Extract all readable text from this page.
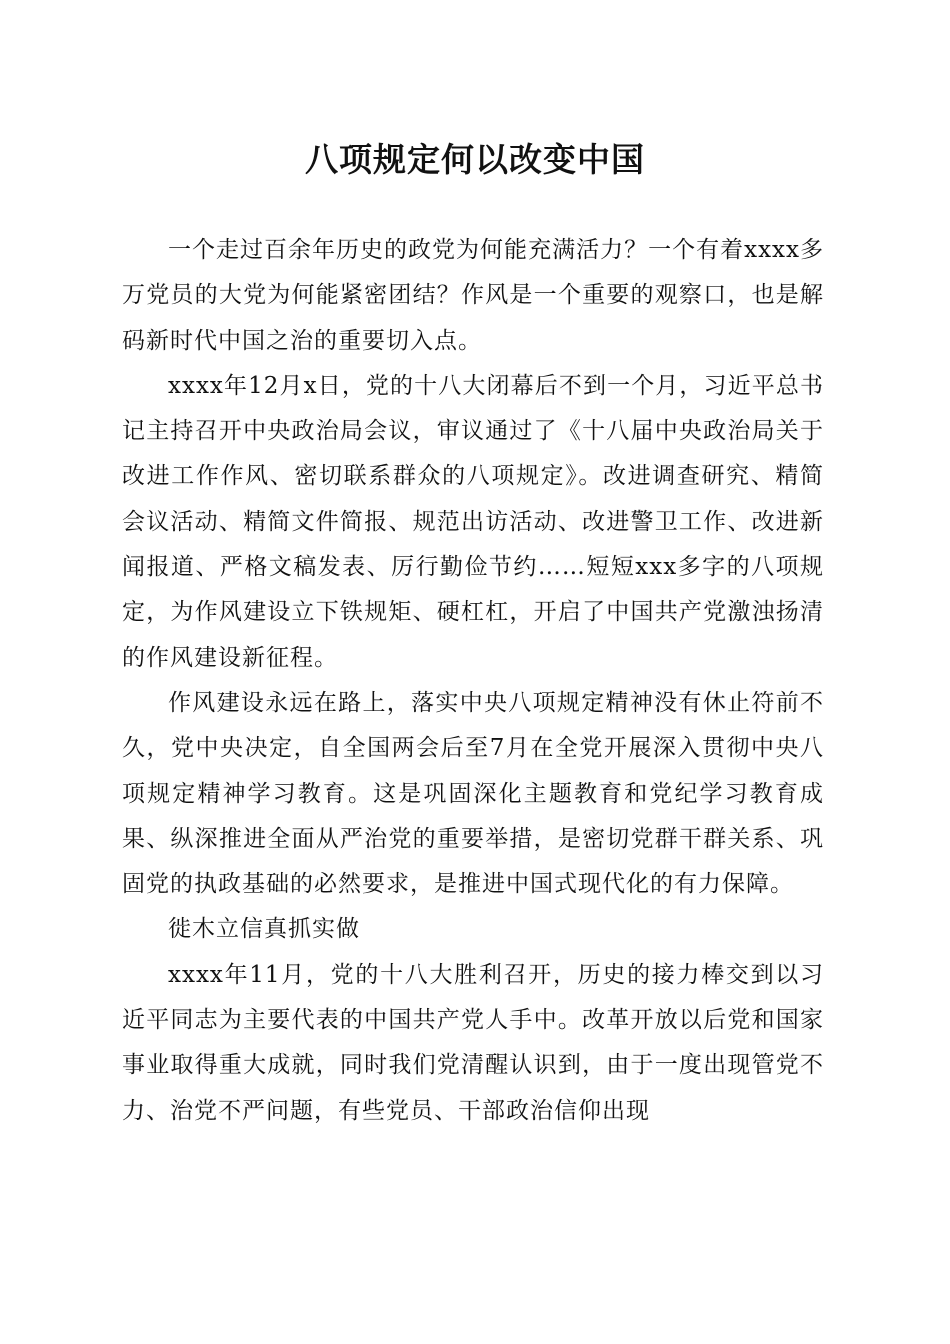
八项规定何以改变中国

一个走过百余年历史的政党为何能充满活力？一个有着xxxx多万党员的大党为何能紧密团结？作风是一个重要的观察口，也是解码新时代中国之治的重要切入点。

xxxx年12月x日，党的十八大闭幕后不到一个月，习近平总书记主持召开中央政治局会议，审议通过了《十八届中央政治局关于改进工作作风、密切联系群众的八项规定》。改进调查研究、精简会议活动、精简文件简报、规范出访活动、改进警卫工作、改进新闻报道、严格文稿发表、厉行勤俭节约……短短xxx多字的八项规定，为作风建设立下铁规矩、硬杠杠，开启了中国共产党激浊扬清的作风建设新征程。

作风建设永远在路上，落实中央八项规定精神没有休止符前不久，党中央决定，自全国两会后至7月在全党开展深入贯彻中央八项规定精神学习教育。这是巩固深化主题教育和党纪学习教育成果、纵深推进全面从严治党的重要举措，是密切党群干群关系、巩固党的执政基础的必然要求，是推进中国式现代化的有力保障。

徙木立信真抓实做

xxxx年11月，党的十八大胜利召开，历史的接力棒交到以习近平同志为主要代表的中国共产党人手中。改革开放以后党和国家事业取得重大成就，同时我们党清醒认识到，由于一度出现管党不力、治党不严问题，有些党员、干部政治信仰出现
